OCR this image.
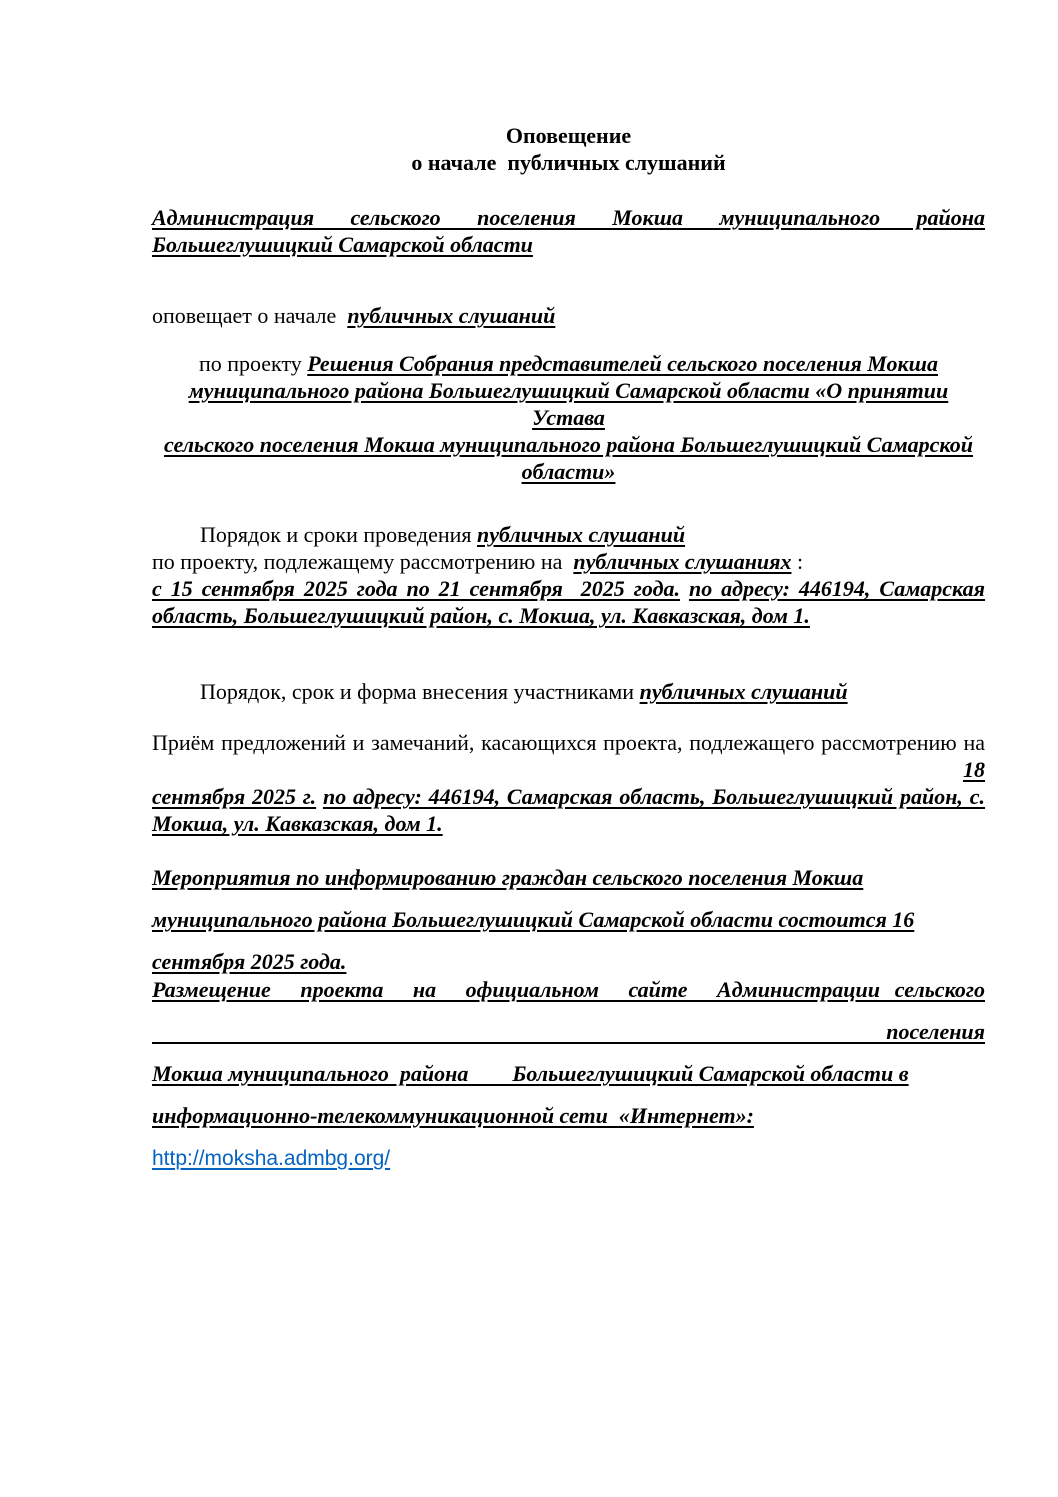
Оповещение
о начале  публичных слушаний
Администрация сельского поселения Мокша муниципального района
Большеглушицкий Самарской области
оповещает о начале  публичных слушаний
по проекту Решения Собрания представителей сельского поселения Мокша
муниципального района Большеглушицкий Самарской области «О принятии Устава
сельского поселения Мокша муниципального района Большеглушицкий Самарской
области»
Порядок и сроки проведения публичных слушаний
по проекту, подлежащему рассмотрению на  публичных слушаниях :
с 15 сентября 2025 года по 21 сентября  2025 года. по адресу: 446194, Самарская
область, Большеглушицкий район, с. Мокша, ул. Кавказская, дом 1.
Порядок, срок и форма внесения участниками публичных слушаний
Приём предложений и замечаний, касающихся проекта, подлежащего рассмотрению на  18
сентября 2025 г. по адресу: 446194, Самарская область, Большеглушицкий район, с.
Мокша, ул. Кавказская, дом 1.
Мероприятия по информированию граждан сельского поселения Мокша
муниципального района Большеглушицкий Самарской области состоится 16
сентября 2025 года.
Размещение  проекта  на  официальном  сайте  Администрации сельского   поселения
Мокша муниципального  района        Большеглушицкий Самарской области в
информационно-телекоммуникационной сети  «Интернет»: http://moksha.admbg.org/
